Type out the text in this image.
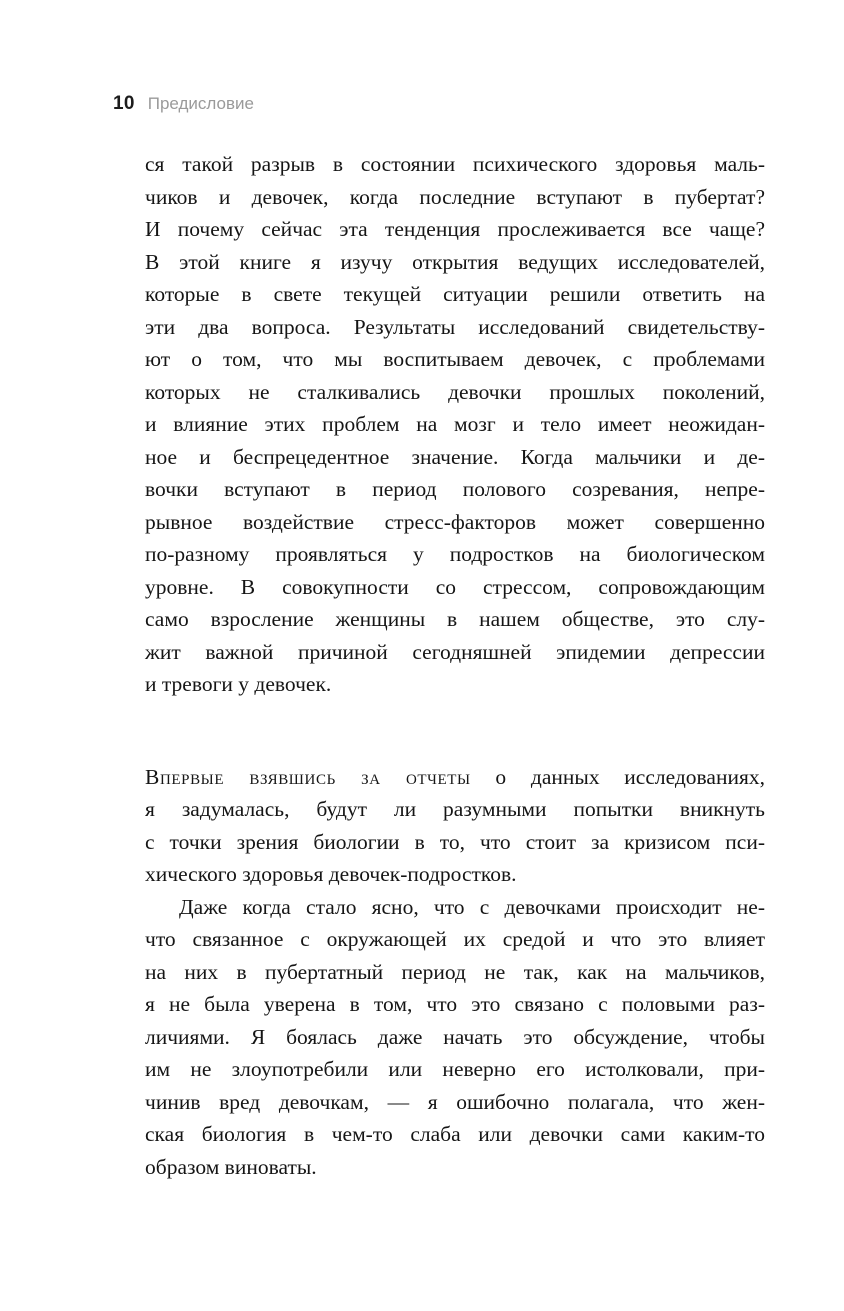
10 Предисловие
ся такой разрыв в состоянии психического здоровья маль-
чиков и девочек, когда последние вступают в пубертат?
И почему сейчас эта тенденция прослеживается все чаще?
В этой книге я изучу открытия ведущих исследователей,
которые в свете текущей ситуации решили ответить на
эти два вопроса. Результаты исследований свидетельству-
ют о том, что мы воспитываем девочек, с проблемами
которых не сталкивались девочки прошлых поколений,
и влияние этих проблем на мозг и тело имеет неожидан-
ное и беспрецедентное значение. Когда мальчики и де-
вочки вступают в период полового созревания, непре-
рывное воздействие стресс-факторов может совершенно
по-разному проявляться у подростков на биологическом
уровне. В совокупности со стрессом, сопровождающим
само взросление женщины в нашем обществе, это слу-
жит важной причиной сегодняшней эпидемии депрессии
и тревоги у девочек.
Впервые взявшись за отчеты о данных исследованиях,
я задумалась, будут ли разумными попытки вникнуть
с точки зрения биологии в то, что стоит за кризисом пси-
хического здоровья девочек-подростков.
Даже когда стало ясно, что с девочками происходит не-
что связанное с окружающей их средой и что это влияет
на них в пубертатный период не так, как на мальчиков,
я не была уверена в том, что это связано с половыми раз-
личиями. Я боялась даже начать это обсуждение, чтобы
им не злоупотребили или неверно его истолковали, при-
чинив вред девочкам, — я ошибочно полагала, что жен-
ская биология в чем-то слаба или девочки сами каким-то
образом виноваты.
